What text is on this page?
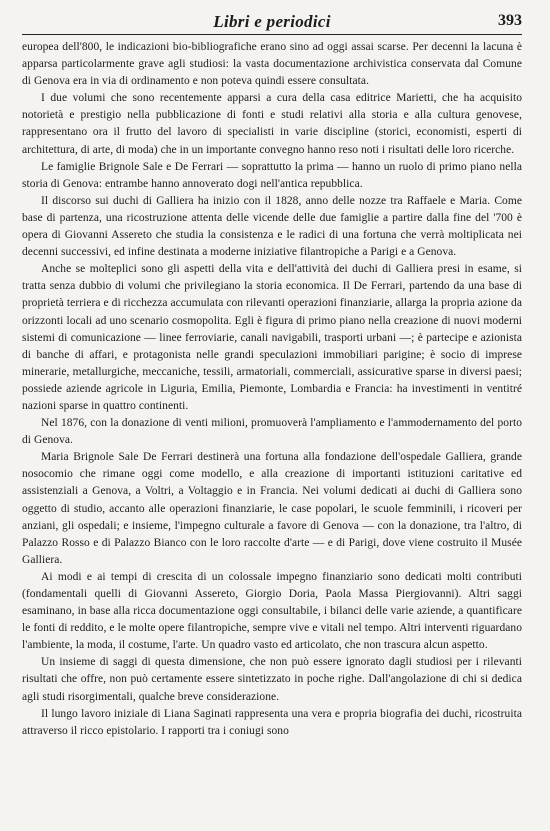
Libri e periodici	393

europea dell'800, le indicazioni bio-bibliografiche erano sino ad oggi assai scarse. Per decenni la lacuna è apparsa particolarmente grave agli studiosi: la vasta documentazione archivistica conservata dal Comune di Genova era in via di ordinamento e non poteva quindi essere consultata.

I due volumi che sono recentemente apparsi a cura della casa editrice Marietti, che ha acquisito notorietà e prestigio nella pubblicazione di fonti e studi relativi alla storia e alla cultura genovese, rappresentano ora il frutto del lavoro di specialisti in varie discipline (storici, economisti, esperti di architettura, di arte, di moda) che in un importante convegno hanno reso noti i risultati delle loro ricerche.

Le famiglie Brignole Sale e De Ferrari — soprattutto la prima — hanno un ruolo di primo piano nella storia di Genova: entrambe hanno annoverato dogi nell'antica repubblica.

Il discorso sui duchi di Galliera ha inizio con il 1828, anno delle nozze tra Raffaele e Maria. Come base di partenza, una ricostruzione attenta delle vicende delle due famiglie a partire dalla fine del '700 è opera di Giovanni Assereto che studia la consistenza e le radici di una fortuna che verrà moltiplicata nei decenni successivi, ed infine destinata a moderne iniziative filantropiche a Parigi e a Genova.

Anche se molteplici sono gli aspetti della vita e dell'attività dei duchi di Galliera presi in esame, si tratta senza dubbio di volumi che privilegiano la storia economica. Il De Ferrari, partendo da una base di proprietà terriera e di ricchezza accumulata con rilevanti operazioni finanziarie, allarga la propria azione da orizzonti locali ad uno scenario cosmopolita. Egli è figura di primo piano nella creazione di nuovi moderni sistemi di comunicazione — linee ferroviarie, canali navigabili, trasporti urbani —; è partecipe e azionista di banche di affari, e protagonista nelle grandi speculazioni immobiliari parigine; è socio di imprese minerarie, metallurgiche, meccaniche, tessili, armatoriali, commerciali, assicurative sparse in diversi paesi; possiede aziende agricole in Liguria, Emilia, Piemonte, Lombardia e Francia: ha investimenti in ventitré nazioni sparse in quattro continenti.

Nel 1876, con la donazione di venti milioni, promuoverà l'ampliamento e l'ammodernamento del porto di Genova.

Maria Brignole Sale De Ferrari destinerà una fortuna alla fondazione dell'ospedale Galliera, grande nosocomio che rimane oggi come modello, e alla creazione di importanti istituzioni caritative ed assistenziali a Genova, a Voltri, a Voltaggio e in Francia. Nei volumi dedicati ai duchi di Galliera sono oggetto di studio, accanto alle operazioni finanziarie, le case popolari, le scuole femminili, i ricoveri per anziani, gli ospedali; e insieme, l'impegno culturale a favore di Genova — con la donazione, tra l'altro, di Palazzo Rosso e di Palazzo Bianco con le loro raccolte d'arte — e di Parigi, dove viene costruito il Musée Galliera.

Ai modi e ai tempi di crescita di un colossale impegno finanziario sono dedicati molti contributi (fondamentali quelli di Giovanni Assereto, Giorgio Doria, Paola Massa Piergiovanni). Altri saggi esaminano, in base alla ricca documentazione oggi consultabile, i bilanci delle varie aziende, a quantificare le fonti di reddito, e le molte opere filantropiche, sempre vive e vitali nel tempo. Altri interventi riguardano l'ambiente, la moda, il costume, l'arte. Un quadro vasto ed articolato, che non trascura alcun aspetto.

Un insieme di saggi di questa dimensione, che non può essere ignorato dagli studiosi per i rilevanti risultati che offre, non può certamente essere sintetizzato in poche righe. Dall'angolazione di chi si dedica agli studi risorgimentali, qualche breve considerazione.

Il lungo lavoro iniziale di Liana Saginati rappresenta una vera e propria biografia dei duchi, ricostruita attraverso il ricco epistolario. I rapporti tra i coniugi sono
